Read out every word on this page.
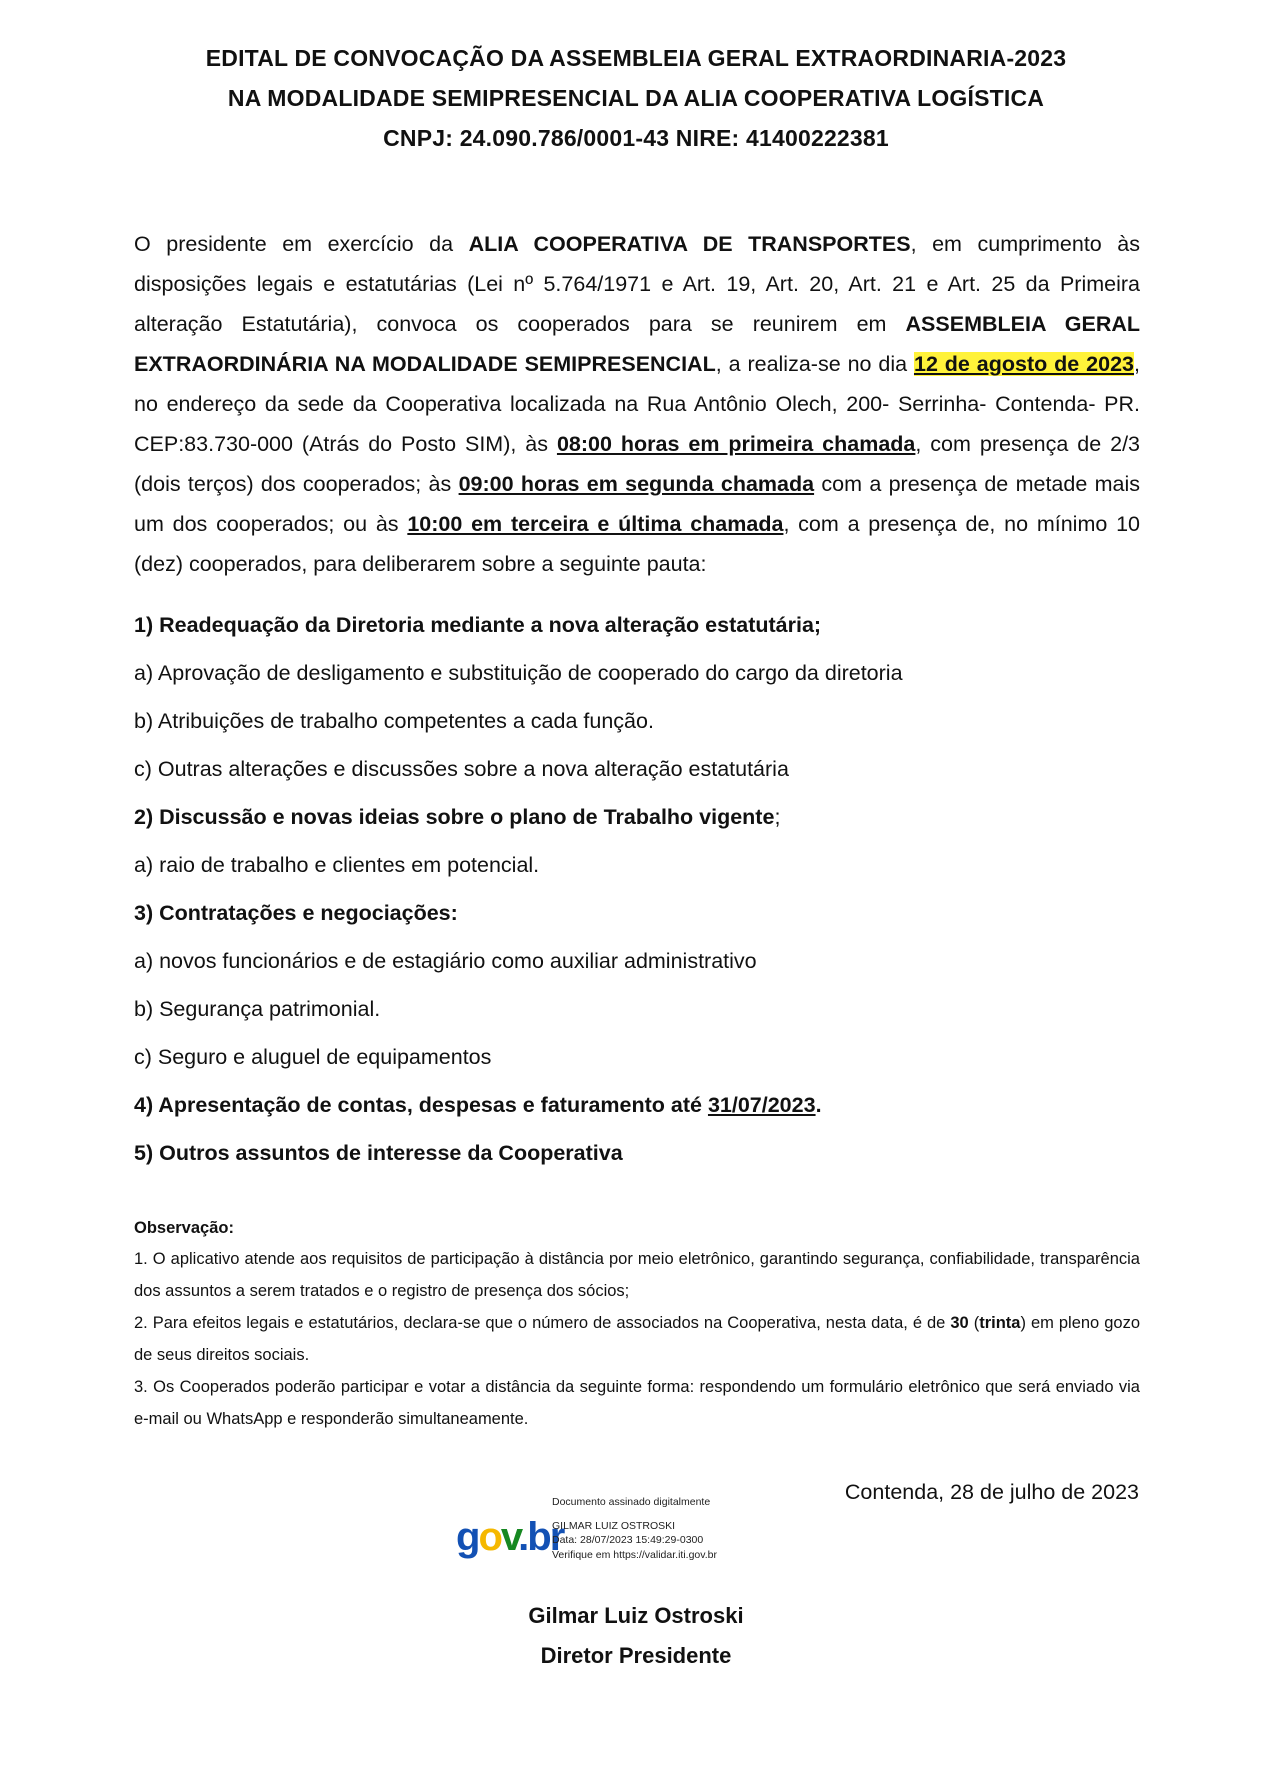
EDITAL DE CONVOCAÇÃO DA ASSEMBLEIA GERAL EXTRAORDINARIA-2023
NA MODALIDADE SEMIPRESENCIAL DA ALIA COOPERATIVA LOGÍSTICA
CNPJ: 24.090.786/0001-43 NIRE: 41400222381
O presidente em exercício da ALIA COOPERATIVA DE TRANSPORTES, em cumprimento às disposições legais e estatutárias (Lei nº 5.764/1971 e Art. 19, Art. 20, Art. 21 e Art. 25 da Primeira alteração Estatutária), convoca os cooperados para se reunirem em ASSEMBLEIA GERAL EXTRAORDINÁRIA NA MODALIDADE SEMIPRESENCIAL, a realiza-se no dia 12 de agosto de 2023, no endereço da sede da Cooperativa localizada na Rua Antônio Olech, 200- Serrinha- Contenda- PR. CEP:83.730-000 (Atrás do Posto SIM), às 08:00 horas em primeira chamada, com presença de 2/3 (dois terços) dos cooperados; às 09:00 horas em segunda chamada com a presença de metade mais um dos cooperados; ou às 10:00 em terceira e última chamada, com a presença de, no mínimo 10 (dez) cooperados, para deliberarem sobre a seguinte pauta:
1) Readequação da Diretoria mediante a nova alteração estatutária;
a) Aprovação de desligamento e substituição de cooperado do cargo da diretoria
b) Atribuições de trabalho competentes a cada função.
c) Outras alterações e discussões sobre a nova alteração estatutária
2) Discussão e novas ideias sobre o plano de Trabalho vigente;
a) raio de trabalho e clientes em potencial.
3) Contratações e negociações:
a) novos funcionários e de estagiário como auxiliar administrativo
b) Segurança patrimonial.
c) Seguro e aluguel de equipamentos
4) Apresentação de contas, despesas e faturamento até 31/07/2023.
5) Outros assuntos de interesse da Cooperativa
Observação:
1. O aplicativo atende aos requisitos de participação à distância por meio eletrônico, garantindo segurança, confiabilidade, transparência dos assuntos a serem tratados e o registro de presença dos sócios;
2. Para efeitos legais e estatutários, declara-se que o número de associados na Cooperativa, nesta data, é de 30 (trinta) em pleno gozo de seus direitos sociais.
3. Os Cooperados poderão participar e votar a distância da seguinte forma: respondendo um formulário eletrônico que será enviado via e-mail ou WhatsApp e responderão simultaneamente.
Contenda, 28 de julho de 2023
gov.br
Documento assinado digitalmente
GILMAR LUIZ OSTROSKI
Data: 28/07/2023 15:49:29-0300
Verifique em https://validar.iti.gov.br
Gilmar Luiz Ostroski
Diretor Presidente
